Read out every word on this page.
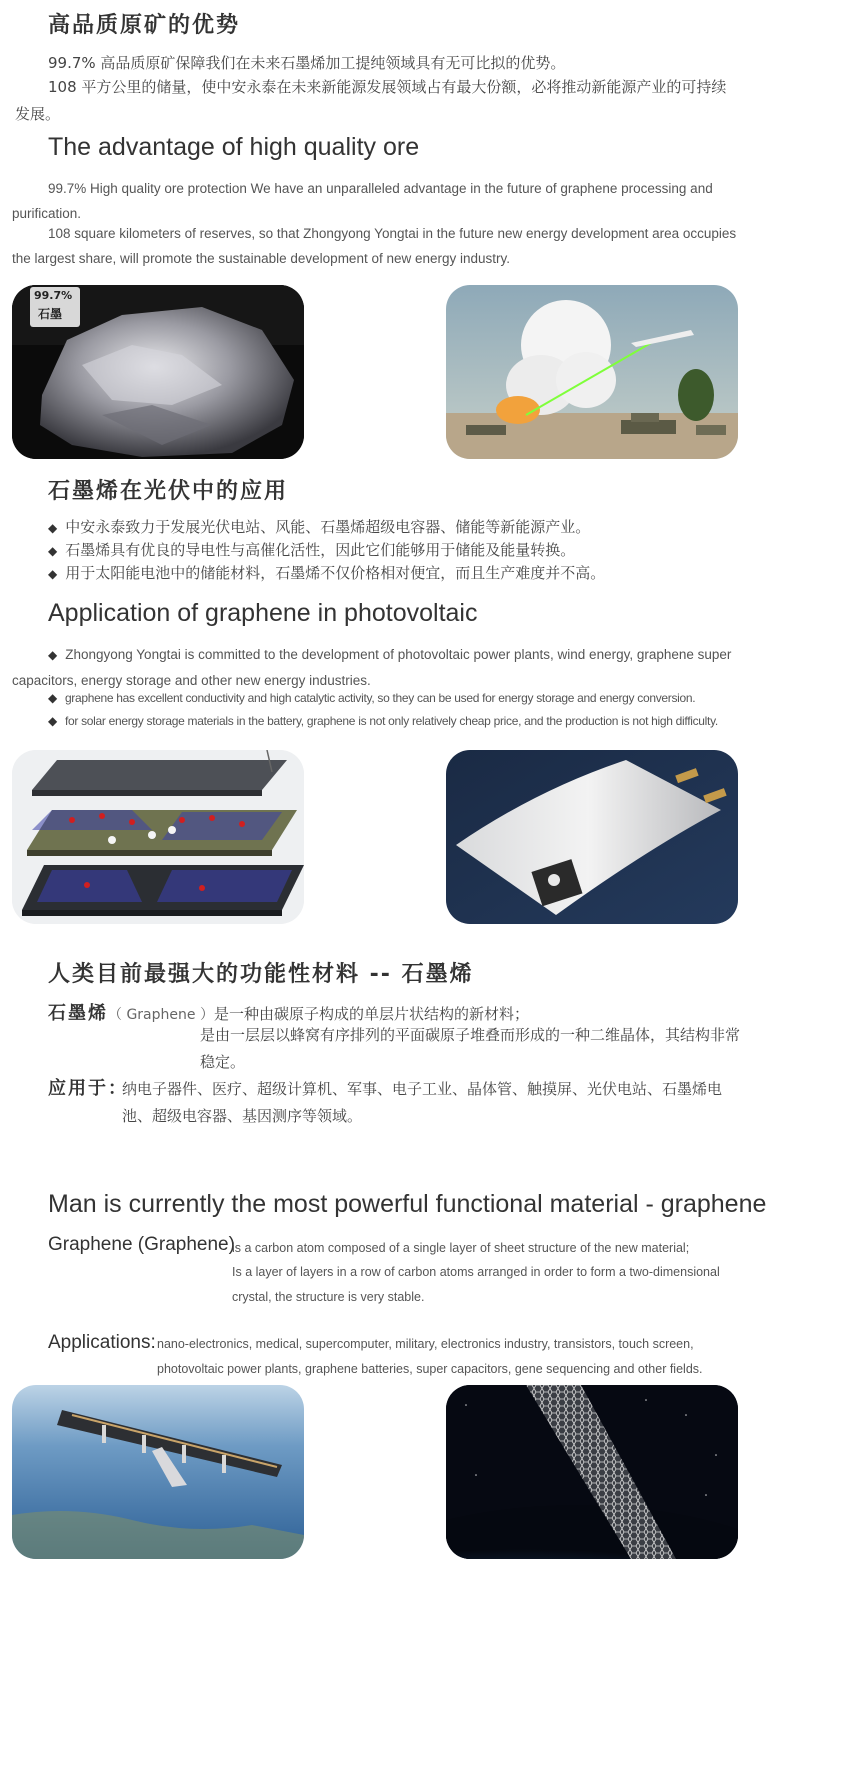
高品质原矿的优势
99.7% 高品质原矿保障我们在未来石墨烯加工提纯领域具有无可比拟的优势。
108 平方公里的储量，使中安永泰在未来新能源发展领域占有最大份额，必将推动新能源产业的可持续发展。
The advantage of high quality ore
99.7% High quality ore protection We have an unparalleled advantage in the future of graphene processing and purification.
108 square kilometers of reserves, so that Zhongyong Yongtai in the future new energy development area occupies the largest share, will promote the sustainable development of new energy industry.
99.7%
石墨
石墨烯在光伏中的应用
◆ 中安永泰致力于发展光伏电站、风能、石墨烯超级电容器、储能等新能源产业。
◆ 石墨烯具有优良的导电性与高催化活性，因此它们能够用于储能及能量转换。
◆ 用于太阳能电池中的储能材料，石墨烯不仅价格相对便宜，而且生产难度并不高。
Application of graphene in photovoltaic
◆ Zhongyong Yongtai is committed to the development of photovoltaic power plants, wind energy, graphene super capacitors, energy storage and other new energy industries.
◆ graphene has excellent conductivity and high catalytic activity, so they can be used for energy storage and energy conversion.
◆ for solar energy storage materials in the battery, graphene is not only relatively cheap price, and the production is not high difficulty.
人类目前最强大的功能性材料 -- 石墨烯
石墨烯（ Graphene ）是一种由碳原子构成的单层片状结构的新材料；
是由一层层以蜂窝有序排列的平面碳原子堆叠而形成的一种二维晶体，其结构非常稳定。
应用于：
纳电子器件、医疗、超级计算机、军事、电子工业、晶体管、触摸屏、光伏电站、石墨烯电池、超级电容器、基因测序等领域。
Man is currently the most powerful functional material - graphene
Graphene (Graphene)
is a carbon atom composed of a single layer of sheet structure of the new material;
Is a layer of layers in a row of carbon atoms arranged in order to form a two-dimensional crystal, the structure is very stable.
Applications: nano-electronics, medical, supercomputer, military, electronics industry, transistors, touch screen, photovoltaic power plants, graphene batteries, super capacitors, gene sequencing and other fields.
